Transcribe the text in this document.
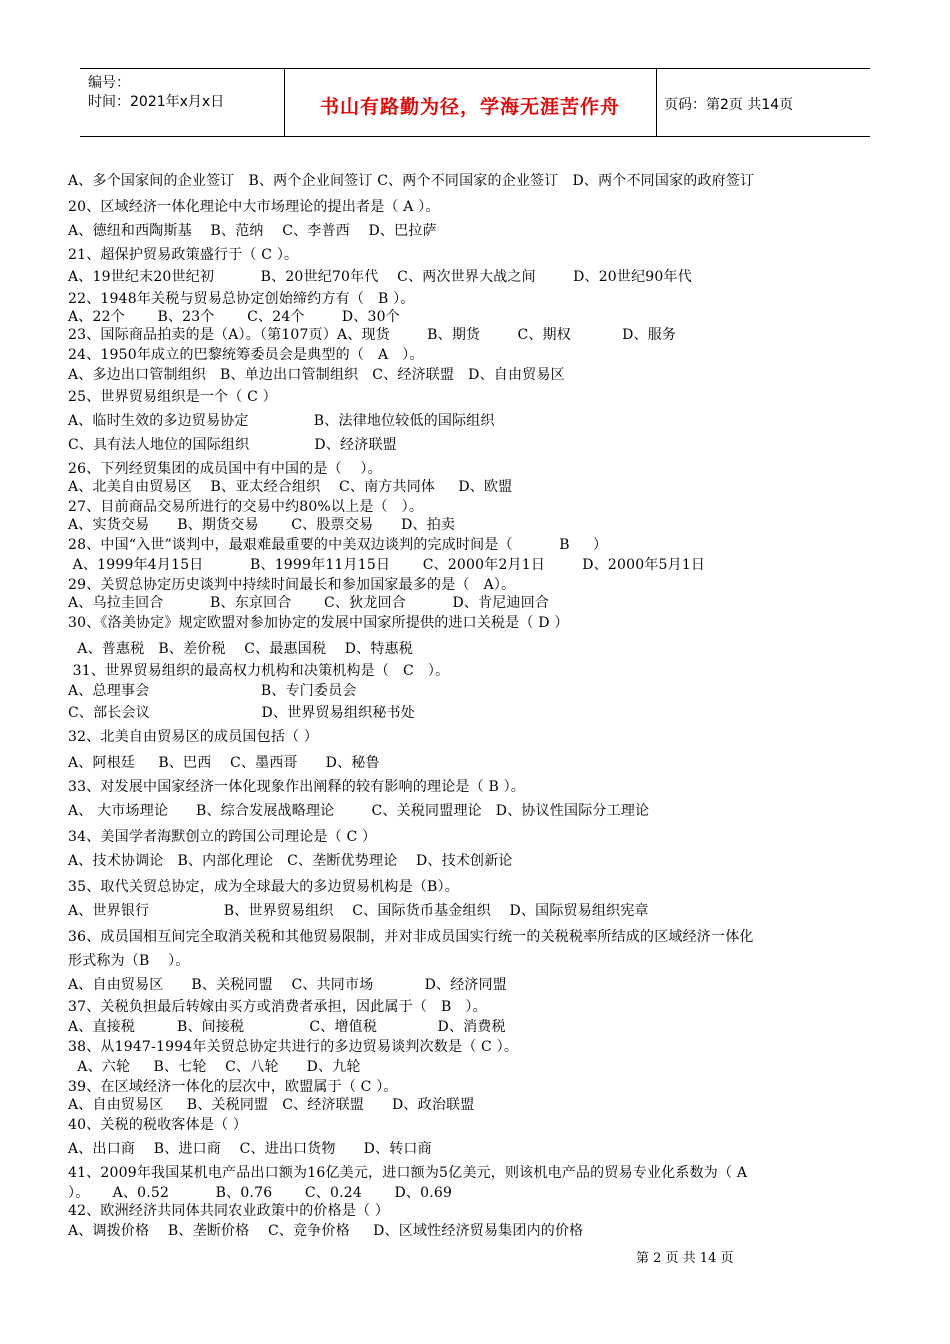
编号：
时间：2021年x月x日	书山有路勤为径，学海无涯苦作舟	页码：第2页 共14页
A、多个国家间的企业签订   B、两个企业间签订 C、两个不同国家的企业签订   D、两个不同国家的政府签订
20、区域经济一体化理论中大市场理论的提出者是（ A ）。
A、德纽和西陶斯基    B、范纳    C、李普西    D、巴拉萨
21、超保护贸易政策盛行于（ C ）。
A、19世纪末20世纪初          B、20世纪70年代    C、两次世界大战之间        D、20世纪90年代
22、1948年关税与贸易总协定创始缔约方有（   B ）。
A、22个       B、23个       C、24个        D、30个
23、国际商品拍卖的是（A）。（第107页）A、现货        B、期货        C、期权           D、服务
24、1950年成立的巴黎统筹委员会是典型的（   A   ）。
A、多边出口管制组织   B、单边出口管制组织   C、经济联盟   D、自由贸易区
25、世界贸易组织是一个（ C ）
A、临时生效的多边贸易协定              B、法律地位较低的国际组织
C、具有法人地位的国际组织              D、经济联盟
26、下列经贸集团的成员国中有中国的是（    ）。
A、北美自由贸易区    B、亚太经合组织    C、南方共同体     D、欧盟
27、目前商品交易所进行的交易中约80%以上是（   ）。
A、实货交易      B、期货交易       C、股票交易      D、拍卖
28、中国“入世”谈判中，最艰难最重要的中美双边谈判的完成时间是（          B     ）
A、1999年4月15日          B、1999年11月15日       C、2000年2月1日        D、2000年5月1日
29、关贸总协定历史谈判中持续时间最长和参加国家最多的是（   A）。
A、乌拉圭回合          B、东京回合       C、狄龙回合          D、肯尼迪回合
30、《洛美协定》规定欧盟对参加协定的发展中国家所提供的进口关税是（ D ）
A、普惠税   B、差价税    C、最惠国税    D、特惠税
31、世界贸易组织的最高权力机构和决策机构是（   C   ）。
A、总理事会                        B、专门委员会
C、部长会议                        D、世界贸易组织秘书处
32、北美自由贸易区的成员国包括（ ）
A、阿根廷     B、巴西    C、墨西哥      D、秘鲁
33、对发展中国家经济一体化现象作出阐释的较有影响的理论是（ B ）。
A、 大市场理论      B、综合发展战略理论        C、关税同盟理论   D、协议性国际分工理论
34、美国学者海默创立的跨国公司理论是（ C ）
A、技术协调论   B、内部化理论   C、垄断优势理论    D、技术创新论
35、取代关贸总协定，成为全球最大的多边贸易机构是（B）。
A、世界银行                B、世界贸易组织    C、国际货币基金组织    D、国际贸易组织宪章
36、成员国相互间完全取消关税和其他贸易限制，并对非成员国实行统一的关税税率所结成的区域经济一体化
形式称为（B    ）。
A、自由贸易区      B、关税同盟    C、共同市场           D、经济同盟
37、关税负担最后转嫁由买方或消费者承担，因此属于（   B   ）。
A、直接税         B、间接税              C、增值税             D、消费税
38、从1947-1994年关贸总协定共进行的多边贸易谈判次数是（ C ）。
A、六轮     B、七轮    C、八轮      D、九轮
39、在区域经济一体化的层次中，欧盟属于（ C ）。
A、自由贸易区     B、关税同盟   C、经济联盟      D、政治联盟
40、关税的税收客体是（ ）
A、出口商    B、进口商    C、进出口货物      D、转口商
41、2009年我国某机电产品出口额为16亿美元，进口额为5亿美元，则该机电产品的贸易专业化系数为（ A
）。     A、0.52          B、0.76       C、0.24       D、0.69
42、欧洲经济共同体共同农业政策中的价格是（ ）
A、调拨价格    B、垄断价格    C、竞争价格     D、区域性经济贸易集团内的价格
第 2 页 共 14 页
